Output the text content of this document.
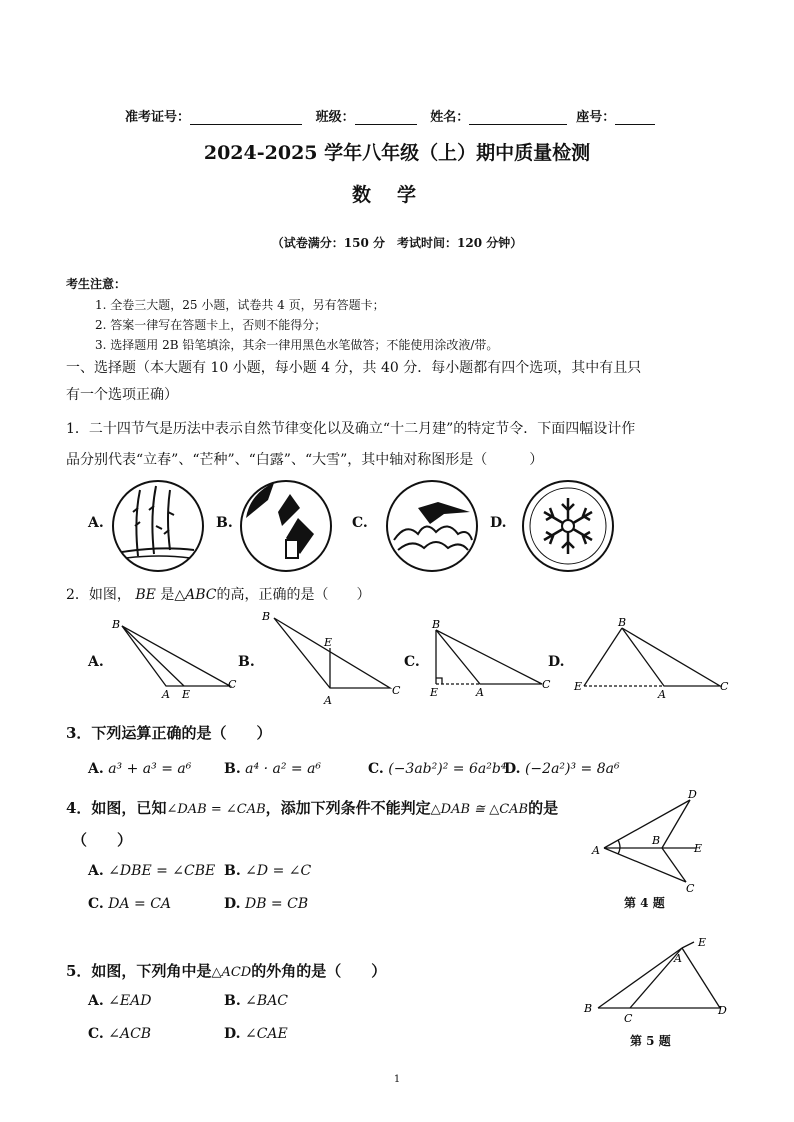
准考证号：	班级：	姓名：	座号：
2024-2025 学年八年级（上）期中质量检测
数学
（试卷满分：150 分　考试时间：120 分钟）
考生注意：
1. 全卷三大题，25 小题，试卷共 4 页，另有答题卡；
2. 答案一律写在答题卡上，否则不能得分；
3. 选择题用 2B 铅笔填涂，其余一律用黑色水笔做答；不能使用涂改液/带。
一、选择题（本大题有 10 小题，每小题 4 分，共 40 分．每小题都有四个选项，其中有且只
有一个选项正确）
1．二十四节气是历法中表示自然节律变化以及确立“十二月建”的特定节令．下面四幅设计作
品分别代表“立春”、“芒种”、“白露”、“大雪”，其中轴对称图形是（　　　）
A.	B.	C.	D.
2．如图， BE 是△ABC的高，正确的是（　　）
A.	B.	C.	D.
B
A E
C
B
E
A
C
B
E	A
C
B
E
A
C
3．下列运算正确的是（　　）
A. a³ + a³ = a⁶ B. a⁴ · a² = a⁶	C. (−3ab²)² = 6a²b⁴
D. (−2a²)³ = 8a⁶
4．如图，已知∠DAB = ∠CAB，添加下列条件不能判定△DAB ≅ △CAB的是
（　　）
A. ∠DBE = ∠CBE B. ∠D = ∠C
C. DA = CA	D. DB = CB
A
D
B
E
C
第 4 题
5．如图，下列角中是△ACD的外角的是（　　）
A. ∠EAD	B. ∠BAC
C. ∠ACB	D. ∠CAE
B
C
A
E
D
第 5 题
1
